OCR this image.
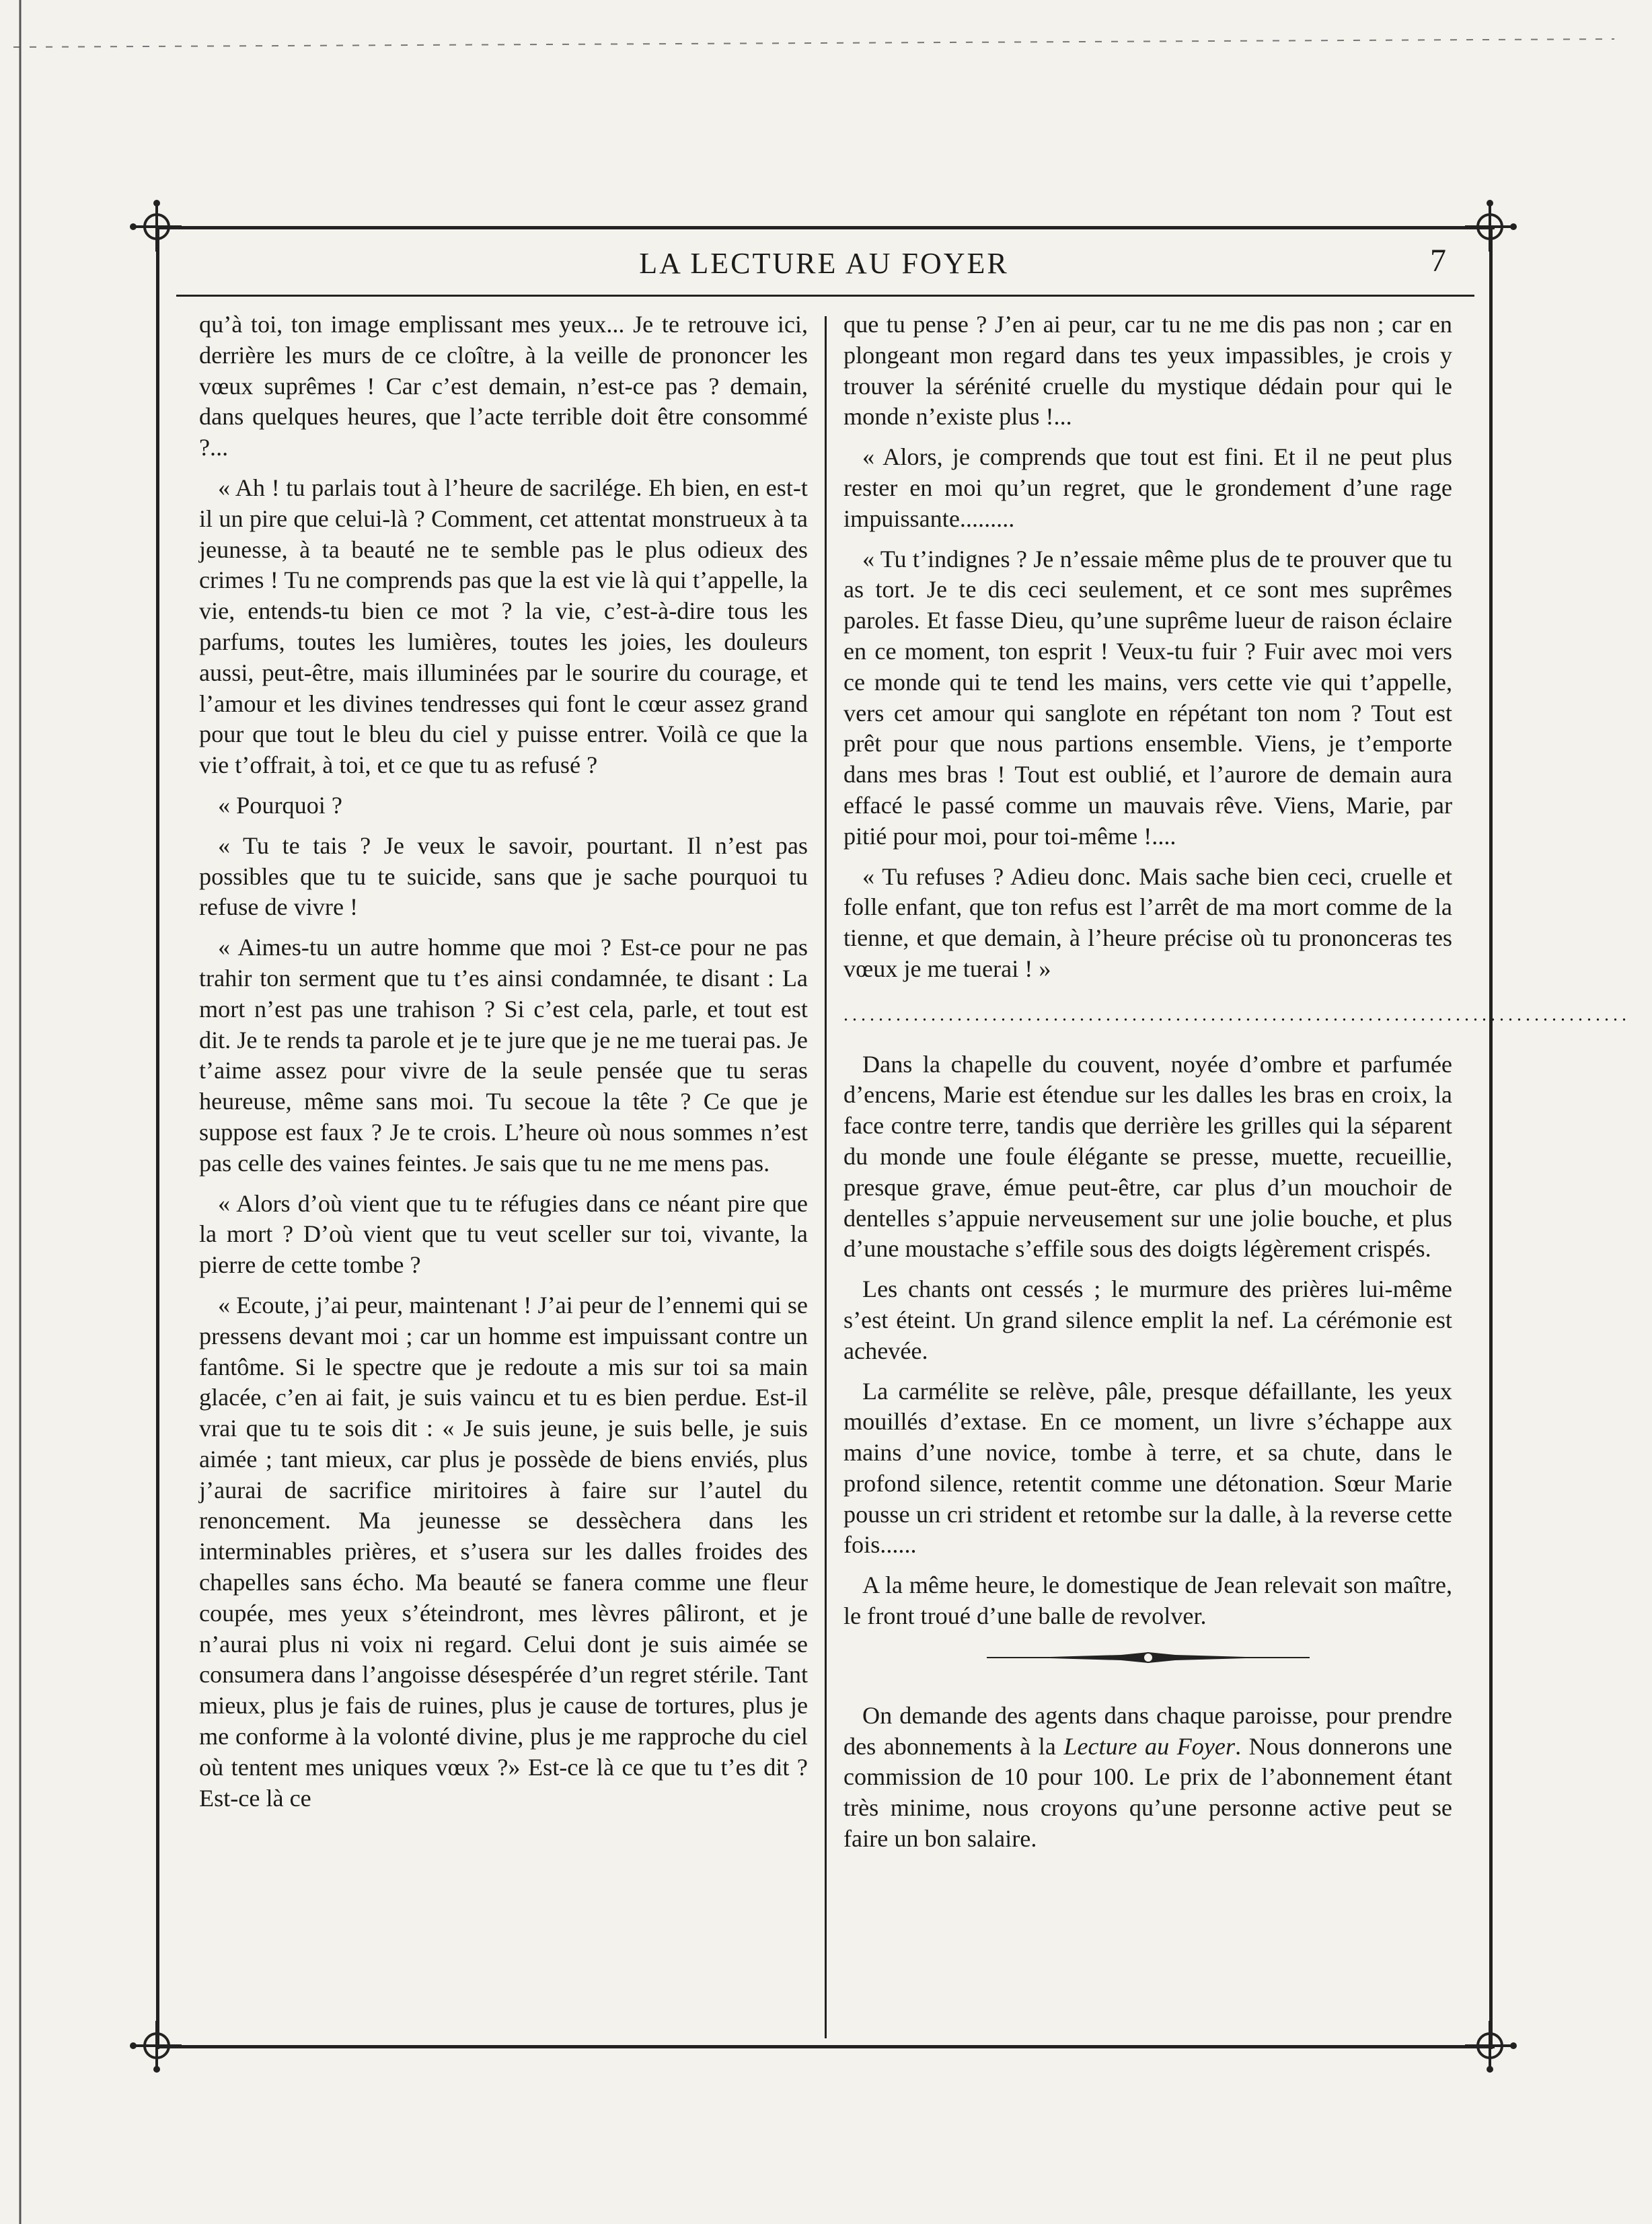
LA LECTURE AU FOYER	7

qu’à toi, ton image emplissant mes yeux... Je te retrouve ici, derrière les murs de ce cloître, à la veille de prononcer les vœux suprêmes ! Car c’est demain, n’est-ce pas ? demain, dans quelques heures, que l’acte terrible doit être consommé ?...

« Ah ! tu parlais tout à l’heure de sacrilége. Eh bien, en est-t il un pire que celui-là ? Comment, cet attentat monstrueux à ta jeunesse, à ta beauté ne te semble pas le plus odieux des crimes ! Tu ne comprends pas que la est vie là qui t’appelle, la vie, entends-tu bien ce mot ? la vie, c’est-à-dire tous les parfums, toutes les lumières, toutes les joies, les douleurs aussi, peut-être, mais illuminées par le sourire du courage, et l’amour et les divines tendresses qui font le cœur assez grand pour que tout le bleu du ciel y puisse entrer. Voilà ce que la vie t’offrait, à toi, et ce que tu as refusé ?

« Pourquoi ?

« Tu te tais ? Je veux le savoir, pourtant. Il n’est pas possibles que tu te suicide, sans que je sache pourquoi tu refuse de vivre !

« Aimes-tu un autre homme que moi ? Est-ce pour ne pas trahir ton serment que tu t’es ainsi condamnée, te disant : La mort n’est pas une trahison ? Si c’est cela, parle, et tout est dit. Je te rends ta parole et je te jure que je ne me tuerai pas. Je t’aime assez pour vivre de la seule pensée que tu seras heureuse, même sans moi. Tu secoue la tête ? Ce que je suppose est faux ? Je te crois. L’heure où nous sommes n’est pas celle des vaines feintes. Je sais que tu ne me mens pas.

« Alors d’où vient que tu te réfugies dans ce néant pire que la mort ? D’où vient que tu veut sceller sur toi, vivante, la pierre de cette tombe ?

« Ecoute, j’ai peur, maintenant ! J’ai peur de l’ennemi qui se pressens devant moi ; car un homme est impuissant contre un fantôme. Si le spectre que je redoute a mis sur toi sa main glacée, c’en ai fait, je suis vaincu et tu es bien perdue. Est-il vrai que tu te sois dit : « Je suis jeune, je suis belle, je suis aimée ; tant mieux, car plus je possède de biens enviés, plus j’aurai de sacrifice miritoires à faire sur l’autel du renoncement. Ma jeunesse se dessèchera dans les interminables prières, et s’usera sur les dalles froides des chapelles sans écho. Ma beauté se fanera comme une fleur coupée, mes yeux s’éteindront, mes lèvres pâliront, et je n’aurai plus ni voix ni regard. Celui dont je suis aimée se consumera dans l’angoisse désespérée d’un regret stérile. Tant mieux, plus je fais de ruines, plus je cause de tortures, plus je me conforme à la volonté divine, plus je me rapproche du ciel où tentent mes uniques vœux ?» Est-ce là ce que tu t’es dit ? Est-ce là ce

que tu pense ? J’en ai peur, car tu ne me dis pas non ; car en plongeant mon regard dans tes yeux impassibles, je crois y trouver la sérénité cruelle du mystique dédain pour qui le monde n’existe plus !...

« Alors, je comprends que tout est fini. Et il ne peut plus rester en moi qu’un regret, que le grondement d’une rage impuissante.........

« Tu t’indignes ? Je n’essaie même plus de te prouver que tu as tort. Je te dis ceci seulement, et ce sont mes suprêmes paroles. Et fasse Dieu, qu’une suprême lueur de raison éclaire en ce moment, ton esprit ! Veux-tu fuir ? Fuir avec moi vers ce monde qui te tend les mains, vers cette vie qui t’appelle, vers cet amour qui sanglote en répétant ton nom ? Tout est prêt pour que nous partions ensemble. Viens, je t’emporte dans mes bras ! Tout est oublié, et l’aurore de demain aura effacé le passé comme un mauvais rêve. Viens, Marie, par pitié pour moi, pour toi-même !....

« Tu refuses ? Adieu donc. Mais sache bien ceci, cruelle et folle enfant, que ton refus est l’arrêt de ma mort comme de la tienne, et que demain, à l’heure précise où tu prononceras tes vœux je me tuerai ! »

..........................................................................................

Dans la chapelle du couvent, noyée d’ombre et parfumée d’encens, Marie est étendue sur les dalles les bras en croix, la face contre terre, tandis que derrière les grilles qui la séparent du monde une foule élégante se presse, muette, recueillie, presque grave, émue peut-être, car plus d’un mouchoir de dentelles s’appuie nerveusement sur une jolie bouche, et plus d’une moustache s’effile sous des doigts légèrement crispés.

Les chants ont cessés ; le murmure des prières lui-même s’est éteint. Un grand silence emplit la nef. La cérémonie est achevée.

La carmélite se relève, pâle, presque défaillante, les yeux mouillés d’extase. En ce moment, un livre s’échappe aux mains d’une novice, tombe à terre, et sa chute, dans le profond silence, retentit comme une détonation. Sœur Marie pousse un cri strident et retombe sur la dalle, à la reverse cette fois......

A la même heure, le domestique de Jean relevait son maître, le front troué d’une balle de revolver.

On demande des agents dans chaque paroisse, pour prendre des abonnements à la Lecture au Foyer. Nous donnerons une commission de 10 pour 100. Le prix de l’abonnement étant très minime, nous croyons qu’une personne active peut se faire un bon salaire.
